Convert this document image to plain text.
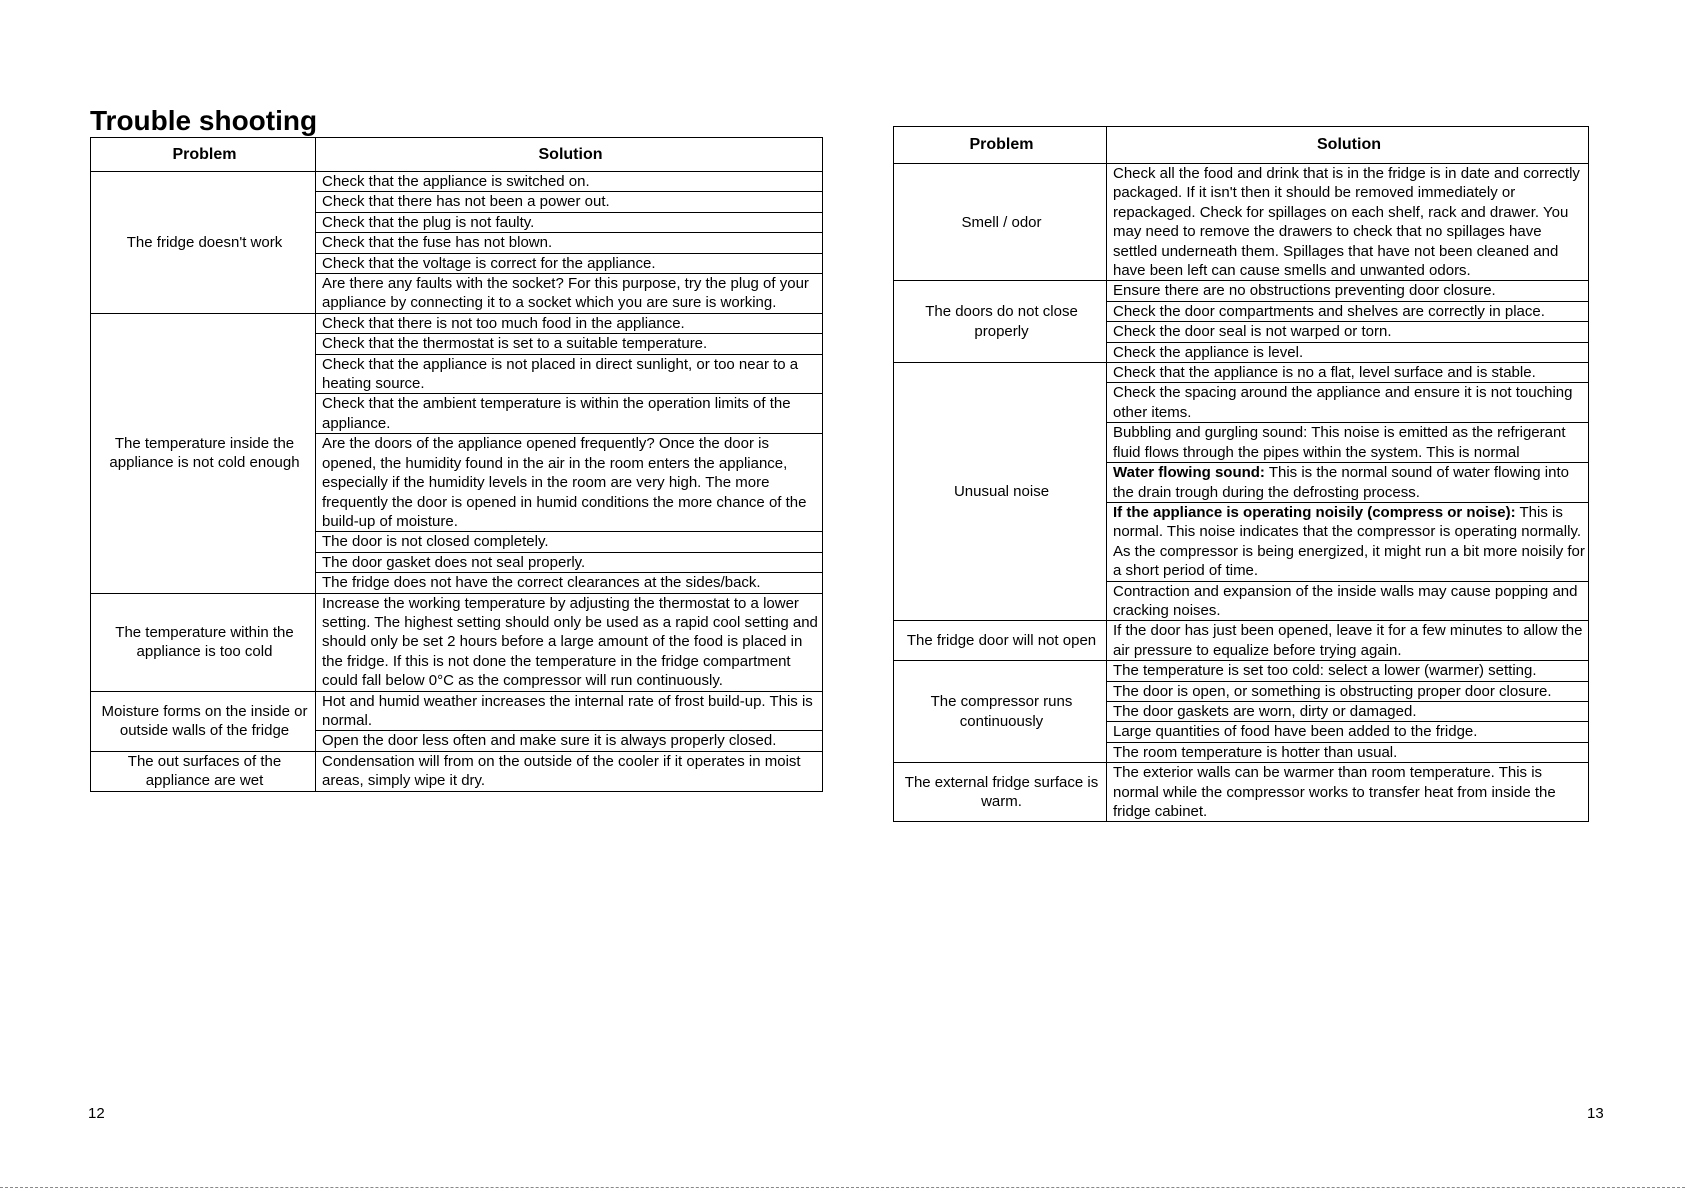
Trouble shooting
Problem	Solution
The fridge doesn't work	Check that the appliance is switched on.
	Check that there has not been a power out.
	Check that the plug is not faulty.
	Check that the fuse has not blown.
	Check that the voltage is correct for the appliance.
	Are there any faults with the socket? For this purpose, try the plug of your appliance by connecting it to a socket which you are sure is working.
The temperature inside the appliance is not cold enough	Check that there is not too much food in the appliance.
	Check that the thermostat is set to a suitable temperature.
	Check that the appliance is not placed in direct sunlight, or too near to a heating source.
	Check that the ambient temperature is within the operation limits of the appliance.
	Are the doors of the appliance opened frequently? Once the door is opened, the humidity found in the air in the room enters the appliance, especially if the humidity levels in the room are very high. The more frequently the door is opened in humid conditions the more chance of the build-up of moisture.
	The door is not closed completely.
	The door gasket does not seal properly.
	The fridge does not have the correct clearances at the sides/back.
The temperature within the appliance is too cold	Increase the working temperature by adjusting the thermostat to a lower setting. The highest setting should only be used as a rapid cool setting and should only be set 2 hours before a large amount of the food is placed in the fridge. If this is not done the temperature in the fridge compartment could fall below 0°C as the compressor will run continuously.
Moisture forms on the inside or outside walls of the fridge	Hot and humid weather increases the internal rate of frost build-up. This is normal.
	Open the door less often and make sure it is always properly closed.
The out surfaces of the appliance are wet	Condensation will from on the outside of the cooler if it operates in moist areas, simply wipe it dry.
Problem	Solution
Smell / odor	Check all the food and drink that is in the fridge is in date and correctly packaged. If it isn't then it should be removed immediately or repackaged. Check for spillages on each shelf, rack and drawer. You may need to remove the drawers to check that no spillages have settled underneath them. Spillages that have not been cleaned and have been left can cause smells and unwanted odors.
The doors do not close properly	Ensure there are no obstructions preventing door closure.
	Check the door compartments and shelves are correctly in place.
	Check the door seal is not warped or torn.
	Check the appliance is level.
Unusual noise	Check that the appliance is no a flat, level surface and is stable.
	Check the spacing around the appliance and ensure it is not touching other items.
	Bubbling and gurgling sound: This noise is emitted as the refrigerant fluid flows through the pipes within the system. This is normal
	Water flowing sound: This is the normal sound of water flowing into the drain trough during the defrosting process.
	If the appliance is operating noisily (compress or noise): This is normal. This noise indicates that the compressor is operating normally. As the compressor is being energized, it might run a bit more noisily for a short period of time.
	Contraction and expansion of the inside walls may cause popping and cracking noises.
The fridge door will not open	If the door has just been opened, leave it for a few minutes to allow the air pressure to equalize before trying again.
The compressor runs continuously	The temperature is set too cold: select a lower (warmer) setting.
	The door is open, or something is obstructing proper door closure.
	The door gaskets are worn, dirty or damaged.
	Large quantities of food have been added to the fridge.
	The room temperature is hotter than usual.
The external fridge surface is warm.	The exterior walls can be warmer than room temperature. This is normal while the compressor works to transfer heat from inside the fridge cabinet.
12	13
